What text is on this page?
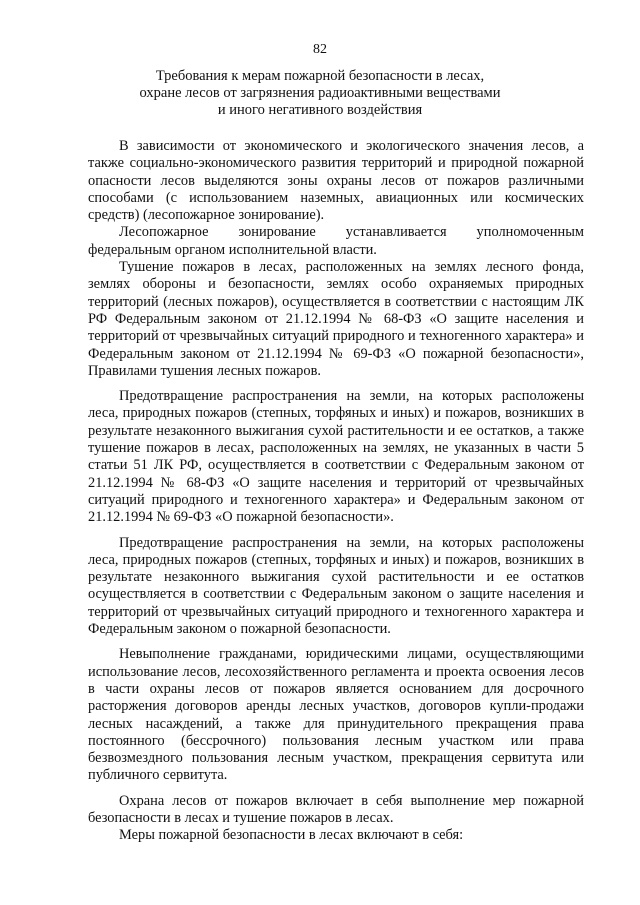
82
Требования к мерам пожарной безопасности в лесах,
охране лесов от загрязнения радиоактивными веществами
и иного негативного воздействия

В зависимости от экономического и экологического значения лесов, а также социально-экономического развития территорий и природной пожарной опасности лесов выделяются зоны охраны лесов от пожаров различными способами (с использованием наземных, авиационных или космических средств) (лесопожарное зонирование).

Лесопожарное зонирование устанавливается уполномоченным федеральным органом исполнительной власти.

Тушение пожаров в лесах, расположенных на землях лесного фонда, землях обороны и безопасности, землях особо охраняемых природных территорий (лесных пожаров), осуществляется в соответствии с настоящим ЛК РФ Федеральным законом от 21.12.1994 № 68-ФЗ «О защите населения и территорий от чрезвычайных ситуаций природного и техногенного характера» и Федеральным законом от 21.12.1994 № 69-ФЗ «О пожарной безопасности», Правилами тушения лесных пожаров.

Предотвращение распространения на земли, на которых расположены леса, природных пожаров (степных, торфяных и иных) и пожаров, возникших в результате незаконного выжигания сухой растительности и ее остатков, а также тушение пожаров в лесах, расположенных на землях, не указанных в части 5 статьи 51 ЛК РФ, осуществляется в соответствии с Федеральным законом от 21.12.1994 № 68-ФЗ «О защите населения и территорий от чрезвычайных ситуаций природного и техногенного характера» и Федеральным законом от 21.12.1994 № 69-ФЗ «О пожарной безопасности».

Предотвращение распространения на земли, на которых расположены леса, природных пожаров (степных, торфяных и иных) и пожаров, возникших в результате незаконного выжигания сухой растительности и ее остатков осуществляется в соответствии с Федеральным законом о защите населения и территорий от чрезвычайных ситуаций природного и техногенного характера и Федеральным законом о пожарной безопасности.

Невыполнение гражданами, юридическими лицами, осуществляющими использование лесов, лесохозяйственного регламента и проекта освоения лесов в части охраны лесов от пожаров является основанием для досрочного расторжения договоров аренды лесных участков, договоров купли-продажи лесных насаждений, а также для принудительного прекращения права постоянного (бессрочного) пользования лесным участком или права безвозмездного пользования лесным участком, прекращения сервитута или публичного сервитута.

Охрана лесов от пожаров включает в себя выполнение мер пожарной безопасности в лесах и тушение пожаров в лесах.

Меры пожарной безопасности в лесах включают в себя:
